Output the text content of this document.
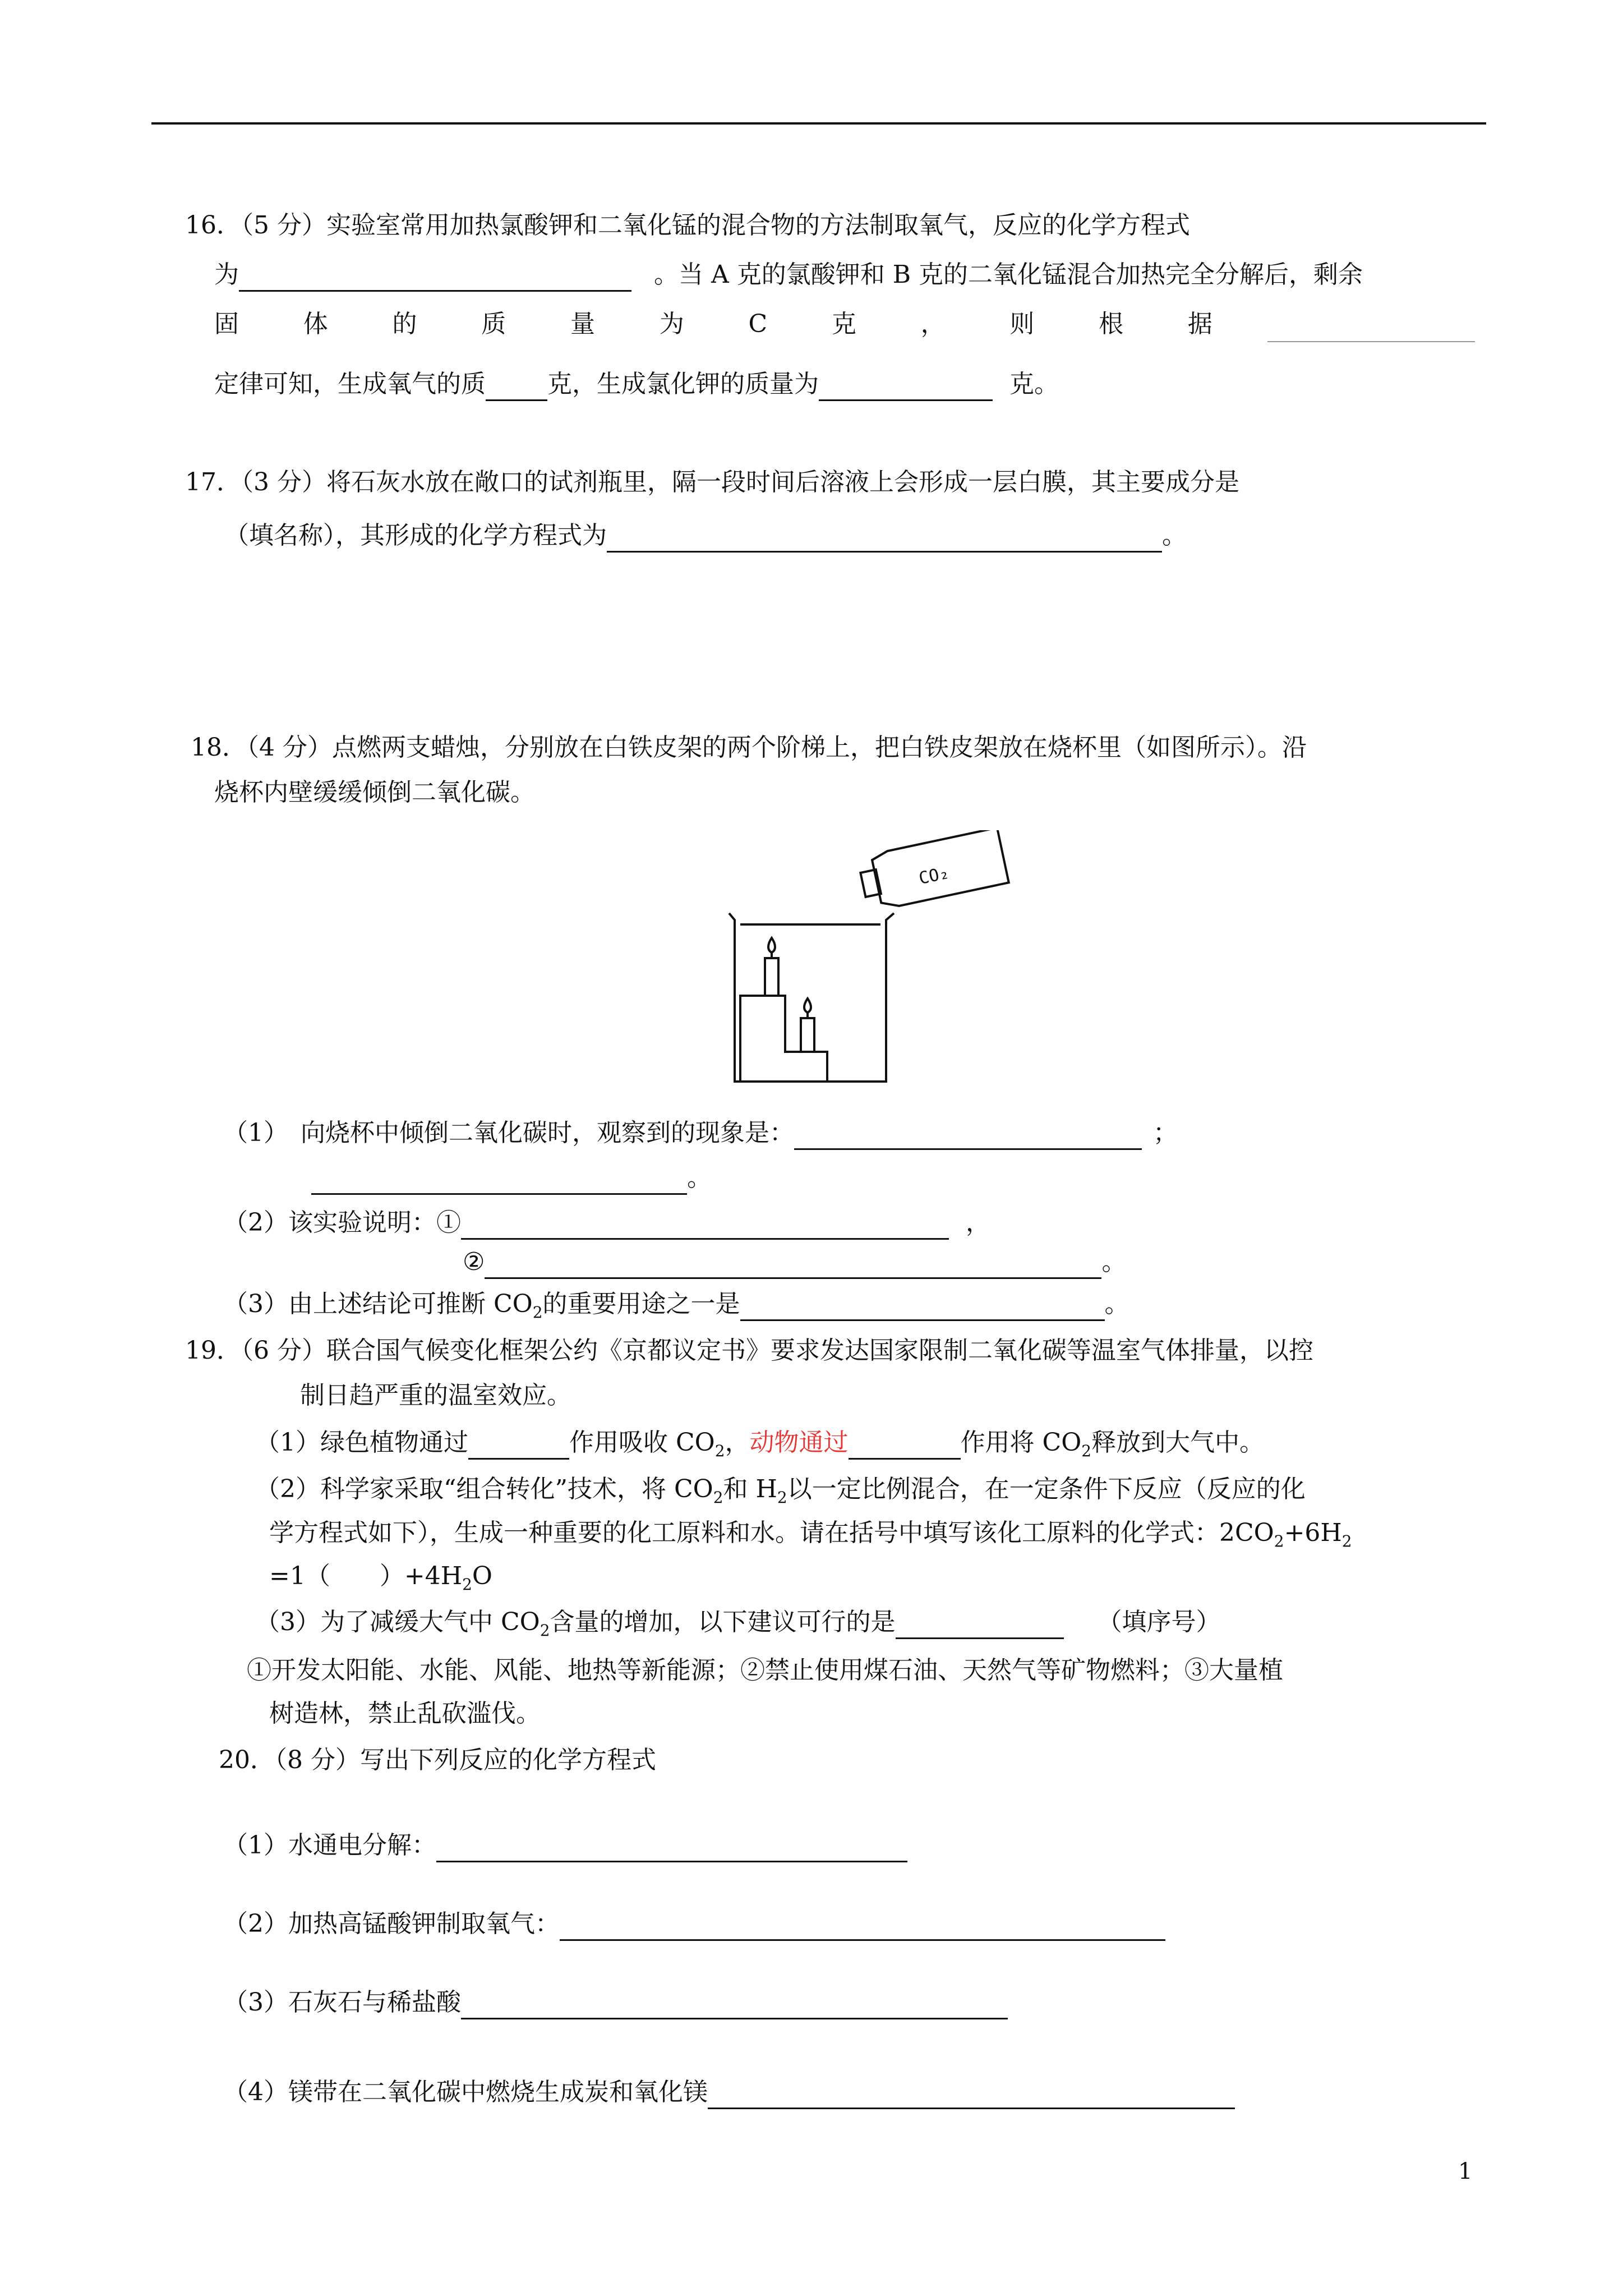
16．（5 分）实验室常用加热氯酸钾和二氧化锰的混合物的方法制取氧气，反应的化学方程式
为	。当 A 克的氯酸钾和 B 克的二氧化锰混合加热完全分解后，剩余
固	体	的	质	量	为	C	克	，	则	根	据
定律可知，生成氧气的质	克，生成氯化钾的质量为	克。
17．（3 分）将石灰水放在敞口的试剂瓶里，隔一段时间后溶液上会形成一层白膜，其主要成分是
（填名称），其形成的化学方程式为	。
18．（4 分）点燃两支蜡烛，分别放在白铁皮架的两个阶梯上，把白铁皮架放在烧杯里（如图所示）。沿
烧杯内壁缓缓倾倒二氧化碳。
CO₂
（1）　向烧杯中倾倒二氧化碳时，观察到的现象是：	；
。
（2）该实验说明：①	，
②	。
（3）由上述结论可推断 $CO_2$的重要用途之一是	。
19．（6 分）联合国气候变化框架公约《京都议定书》要求发达国家限制二氧化碳等温室气体排量，以控
制日趋严重的温室效应。
（1）绿色植物通过	作用吸收 $CO_2$，动物通过	作用将 $CO_2$释放到大气中。
（2）科学家采取“组合转化”技术，将 $CO_2$和 $H_2$以一定比例混合，在一定条件下反应（反应的化
学方程式如下），生成一种重要的化工原料和水。请在括号中填写该化工原料的化学式：$2CO_2+6H_2$
=1（　　）$+4H_2O$
（3）为了减缓大气中 $CO_2$含量的增加，以下建议可行的是	（填序号）
①开发太阳能、水能、风能、地热等新能源；②禁止使用煤石油、天然气等矿物燃料；③大量植
树造林，禁止乱砍滥伐。
20．（8 分）写出下列反应的化学方程式
（1）水通电分解：
（2）加热高锰酸钾制取氧气：
（3）石灰石与稀盐酸
（4）镁带在二氧化碳中燃烧生成炭和氧化镁
1
